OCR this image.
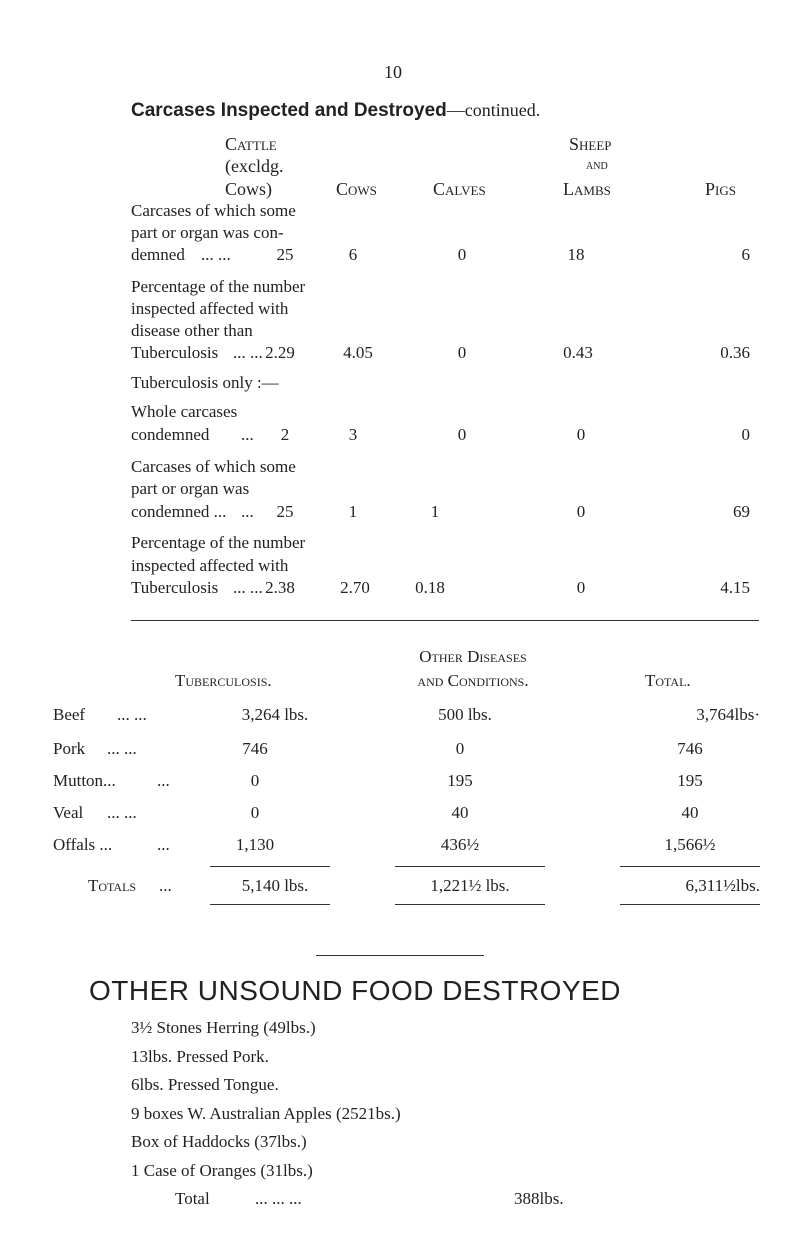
10
Carcases Inspected and Destroyed—continued.
Cattle
(excldg.
Cows)	Cows	Calves
Sheep
and
Lambs	Pigs
Carcases of which some
part or organ was con-
demned ... ...	25	6	0	18	6
Percentage of the number
inspected affected with
disease other than
Tuberculosis ... ... 2.29	4.05	0	0.43	0.36
Tuberculosis only :—
Whole carcases
condemned ...	2	3	0	0	0
Carcases of which some
part or organ was
condemned ... ...	25	1	1	0	69
Percentage of the number
inspected affected with
Tuberculosis ... ... 2.38	2.70	0.18	0	4.15
Tuberculosis.
Other Diseases
and Conditions.	Total.
Beef ... ...	3,264 lbs.	500 lbs.	3,764lbs·
Pork ... ...	746	0	746
Mutton... ...	0	195	195
Veal ... ...	0	40	40
Offals ...	...	1,130	436½	1,566½
Totals ...	5,140 lbs.	1,221½ lbs.	6,311½lbs.
OTHER UNSOUND FOOD DESTROYED
3½ Stones Herring (49lbs.)
13lbs. Pressed Pork.
6lbs. Pressed Tongue.
9 boxes W. Australian Apples (2521bs.)
Box of Haddocks (37lbs.)
1 Case of Oranges (31lbs.)
Total	... ... ...	388lbs.
